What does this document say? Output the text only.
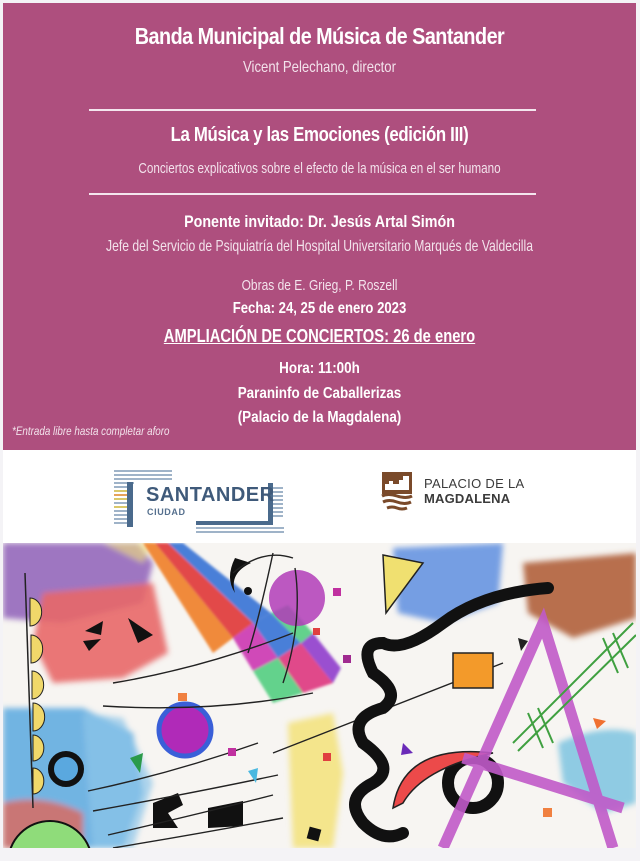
Banda Municipal de Música de Santander
Vicent Pelechano, director
La Música y las Emociones (edición III)
Conciertos explicativos sobre el efecto de la música en el ser humano
Ponente invitado: Dr. Jesús Artal Simón
Jefe del Servicio de Psiquiatría del Hospital Universitario Marqués de Valdecilla
Obras de E. Grieg, P. Roszell
Fecha: 24, 25 de enero 2023
AMPLIACIÓN DE CONCIERTOS: 26 de enero
Hora: 11:00h
Paraninfo de Caballerizas
(Palacio de la Magdalena)
*Entrada libre hasta completar aforo
SANTANDER
CIUDAD
PALACIO DE LA
MAGDALENA
